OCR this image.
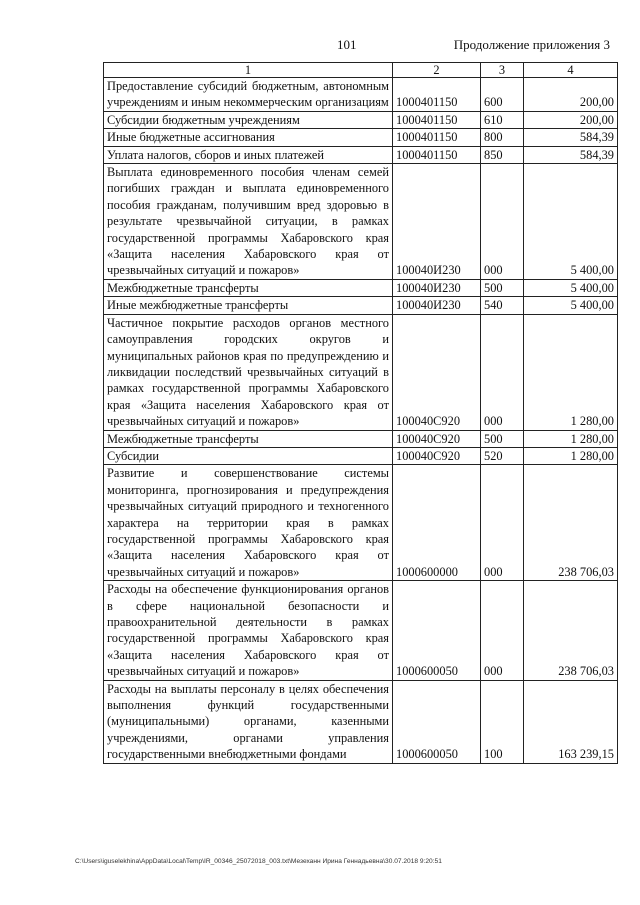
101	Продолжение приложения 3
1	2	3	4
Предоставление субсидий бюджетным, автономным учреждениям и иным некоммерческим организациям	1000401150	600	200,00
Субсидии бюджетным учреждениям	1000401150	610	200,00
Иные бюджетные ассигнования	1000401150	800	584,39
Уплата налогов, сборов и иных платежей	1000401150	850	584,39
Выплата единовременного пособия членам семей погибших граждан и выплата единовременного пособия гражданам, получившим вред здоровью в результате чрезвычайной ситуации, в рамках государственной программы Хабаровского края «Защита населения Хабаровского края от чрезвычайных ситуаций и пожаров»	100040И230	000	5 400,00
Межбюджетные трансферты	100040И230	500	5 400,00
Иные межбюджетные трансферты	100040И230	540	5 400,00
Частичное покрытие расходов органов местного самоуправления городских округов и муниципальных районов края по предупреждению и ликвидации последствий чрезвычайных ситуаций в рамках государственной программы Хабаровского края «Защита населения Хабаровского края от чрезвычайных ситуаций и пожаров»	100040С920	000	1 280,00
Межбюджетные трансферты	100040С920	500	1 280,00
Субсидии	100040С920	520	1 280,00
Развитие и совершенствование системы мониторинга, прогнозирования и предупреждения чрезвычайных ситуаций природного и техногенного характера на территории края в рамках государственной программы Хабаровского края «Защита населения Хабаровского края от чрезвычайных ситуаций и пожаров»	1000600000	000	238 706,03
Расходы на обеспечение функционирования органов в сфере национальной безопасности и правоохранительной деятельности в рамках государственной программы Хабаровского края «Защита населения Хабаровского края от чрезвычайных ситуаций и пожаров»	1000600050	000	238 706,03
Расходы на выплаты персоналу в целях обеспечения выполнения функций государственными (муниципальными) органами, казенными учреждениями, органами управления государственными внебюджетными фондами	1000600050	100	163 239,15
C:\Users\iguselekhina\AppData\Local\Temp\IR_00346_25072018_003.txt\Мезеханн Ирина Геннадьевна\30.07.2018 9:20:51
